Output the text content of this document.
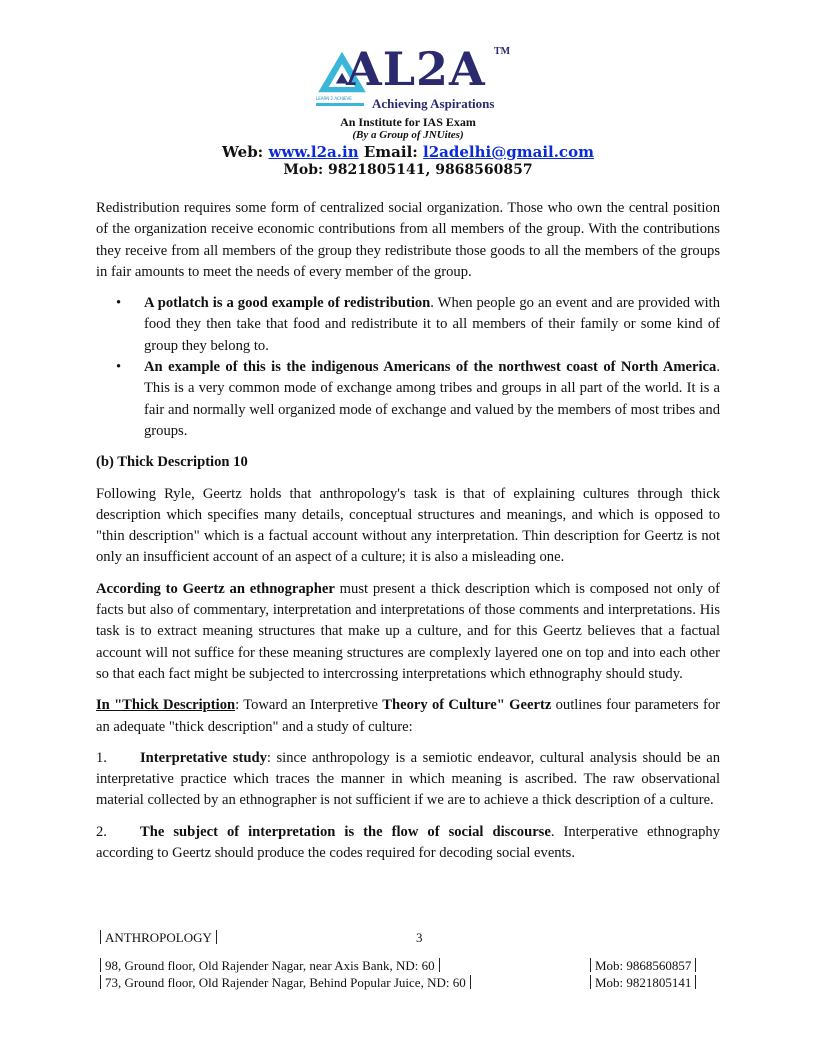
AL2A TM
LEARN 2 ACHIEVE Achieving Aspirations
An Institute for IAS Exam
(By a Group of JNUites)
Web: www.l2a.in Email: l2adelhi@gmail.com
Mob: 9821805141, 9868560857

Redistribution requires some form of centralized social organization. Those who own the central position of the organization receive economic contributions from all members of the group. With the contributions they receive from all members of the group they redistribute those goods to all the members of the groups in fair amounts to meet the needs of every member of the group.

• A potlatch is a good example of redistribution. When people go an event and are provided with food they then take that food and redistribute it to all members of their family or some kind of group they belong to.
• An example of this is the indigenous Americans of the northwest coast of North America. This is a very common mode of exchange among tribes and groups in all part of the world. It is a fair and normally well organized mode of exchange and valued by the members of most tribes and groups.

(b) Thick Description 10

Following Ryle, Geertz holds that anthropology's task is that of explaining cultures through thick description which specifies many details, conceptual structures and meanings, and which is opposed to "thin description" which is a factual account without any interpretation. Thin description for Geertz is not only an insufficient account of an aspect of a culture; it is also a misleading one.

According to Geertz an ethnographer must present a thick description which is composed not only of facts but also of commentary, interpretation and interpretations of those comments and interpretations. His task is to extract meaning structures that make up a culture, and for this Geertz believes that a factual account will not suffice for these meaning structures are complexly layered one on top and into each other so that each fact might be subjected to intercrossing interpretations which ethnography should study.

In "Thick Description: Toward an Interpretive Theory of Culture" Geertz outlines four parameters for an adequate "thick description" and a study of culture:

1. Interpretative study: since anthropology is a semiotic endeavor, cultural analysis should be an interpretative practice which traces the manner in which meaning is ascribed. The raw observational material collected by an ethnographer is not sufficient if we are to achieve a thick description of a culture.

2. The subject of interpretation is the flow of social discourse. Interperative ethnography according to Geertz should produce the codes required for decoding social events.

ANTHROPOLOGY	3
98, Ground floor, Old Rajender Nagar, near Axis Bank, ND: 60
73, Ground floor, Old Rajender Nagar, Behind Popular Juice, ND: 60
Mob: 9868560857
Mob: 9821805141
